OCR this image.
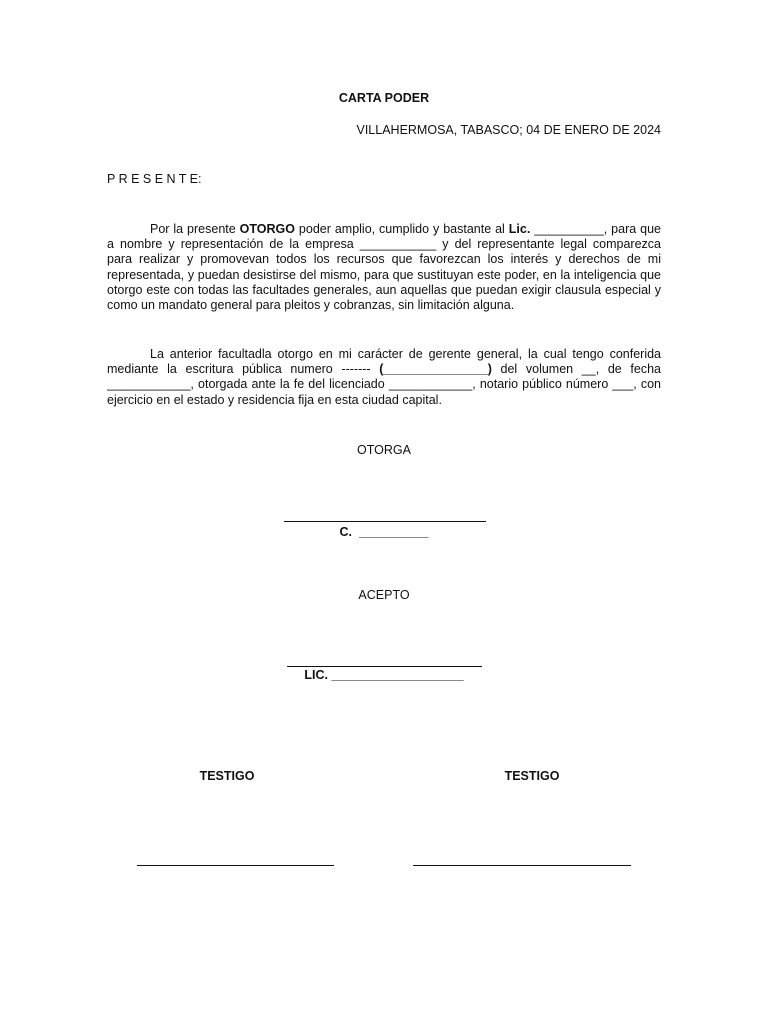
CARTA PODER
VILLAHERMOSA, TABASCO; 04 DE ENERO DE 2024
P R E S E N T E:
Por la presente OTORGO poder amplio, cumplido y bastante al Lic. __________, para que
a nombre y representación de la empresa ___________ y del representante legal comparezca
para realizar y promovevan todos los recursos que favorezcan los interés y derechos de mi
representada, y puedan desistirse del mismo, para que sustituyan este poder, en la inteligencia que
otorgo este con todas las facultades generales, aun aquellas que puedan exigir clausula especial y
como un mandato general para pleitos y cobranzas, sin limitación alguna.
La anterior facultadla otorgo en mi carácter de gerente general, la cual tengo conferida
mediante la escritura pública numero ------- (_______________) del volumen __, de fecha
____________, otorgada ante la fe del licenciado ____________, notario público número ___, con
ejercicio en el estado y residencia fija en esta ciudad capital.
OTORGA
C.  __________
ACEPTO
LIC. ___________________
TESTIGO	TESTIGO
